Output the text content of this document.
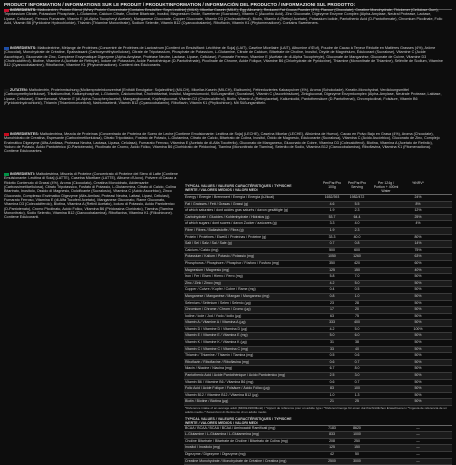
PRODUCT INFORMATION / INFORMATIONS SUR LE PRODUIT / PRODUKTINFORMATION / INFORMACIÓN DEL PRODUCTO / INFORMAZIONI SUL PRODOTTO:
INGREDIENTS: Maltodextrin, Protein Blend (Whey Protein Concentrate [Contains Emulsifier: Soya Lecithin] (MILK), Micellar Casein (MILK), Egg Albumin), Reduced Fat Cocoa Powder (4%), Flavour (Chocolate), Creatine Monohydrate, Thickener (Cellulose Gum), Tripotassium Citrate, Potassium Phosphate, L-Glutamine, Calcium Citrate, Choline Bitartrate, Inositol, Magnesium Oxide, Sweetener (Sucralose), Vitamin C (Ascorbic Acid), Zinc Gluconate, Digezyme Enzyme Complex (Alpha-Amylase, Neutral Protease, Lactase, Lipase, Cellulase), Ferrous Fumarate, Vitamin E (dl-Alpha Tocopheryl Acetate), Manganese Gluconate, Copper Gluconate, Vitamin D3 (Cholecalciferol), Biotin, Vitamin A (Retinyl Acetate), Potassium Iodide, Pantothenic Acid (D-Pantothenate), Chromium Picolinate, Folic Acid, Vitamin B6 (Pyridoxine Hydrochloride), Thiamin (Thiamine Mononitrate), Sodium Selenite, Vitamin B12 (Cyanocobalamin), Riboflavin, Vitamin K1 (Phytomenadione). Contains Sweeteners.
INGRÉDIENTS: Maltodextrine, Mélange de Protéines (Concentré de Protéines de Lactosérum [Contient un Émulsifiant: Lécithine de Soja] (LAIT), Caséine Micellaire (LAIT), Albumine d'Œuf), Poudre de Cacao à Teneur Réduite en Matières Grasses (4%), Arôme (Chocolat), Monohydrate de Créatine, Épaississant (Carboxyméthylcellulose), Citrate de Tripotassium, Phosphate de Potassium, L-Glutamine, Citrate de Calcium, Bitartrate de Choline, Inositol, Oxyde de Magnésium, Édulcorant (Sucralose), Vitamine C (Acide Ascorbique), Gluconate de Zinc, Complexe Enzymatique Digezyme (Alpha-Amylase, Protéase Neutre, Lactase, Lipase, Cellulase), Fumarate Ferreux, Vitamine E (Acétate de dl-Alpha Tocophéryle), Gluconate de Manganèse, Gluconate de Cuivre, Vitamine D3 (Cholécalciférol), Biotine, Vitamine A (Acétate de Rétinyle), Iodure de Potassium, Acide Pantothénique (D-Pantothénate), Picolinate de Chrome, Acide Folique, Vitamine B6 (Chlorhydrate de Pyridoxine), Thiamine (Mononitrate de Thiamine), Sélénite de Sodium, Vitamine B12 (Cyanocobalamine), Riboflavine, Vitamine K1 (Phytoménadione). Contient des Édulcorants.
ZUTATEN: Maltodextrin, Proteinmischung (Molkenproteinkonzentrat [Enthält Emulgator: Sojalecithin] (MILCH), Micellar-Kasein (MILCH), Eialbumin), Fettreduziertes Kakaopulver (4%), Aroma (Schokolade), Kreatin-Monohydrat, Verdickungsmittel (Carboxymethylcellulose), Trikaliumcitrat, Kaliumphosphat, L-Glutamin, Calciumcitrat, Cholinbitartrat, Inositol, Magnesiumoxid, Süßungsmittel (Sucralose), Vitamin C (Ascorbinsäure), Zinkgluconat, Digezyme Enzymkomplex (Alpha-Amylase, Neutrale Protease, Laktase, Lipase, Cellulase), Eisenfumarat, Vitamin E (dl-Alpha-Tocopherylacetat), Mangangluconat, Kupfergluconat, Vitamin D3 (Cholecalciferol), Biotin, Vitamin A (Retinylacetat), Kaliumiodid, Pantothensäure (D-Pantothenat), Chrompicolinat, Folsäure, Vitamin B6 (Pyridoxinhydrochlorid), Thiamin (Thiaminmononitrat), Natriumselenit, Vitamin B12 (Cyanocobalamin), Riboflavin, Vitamin K1 (Phyllochinon). Mit Süßungsmitteln.
INGREDIENTES: Maltodextrina, Mezcla de Proteínas (Concentrado de Proteína de Suero de Leche [Contiene Emulsionante: Lecitina de Soja] (LECHE), Caseína Micelar (LECHE), Albúmina de Huevo), Cacao en Polvo Bajo en Grasa (4%), Aroma (Chocolate), Monohidrato de Creatina, Espesante (Carboximetilcelulosa), Citrato Tripotásico, Fosfato de Potasio, L-Glutamina, Citrato de Calcio, Bitartrato de Colina, Inositol, Óxido de Magnesio, Edulcorante (Sucralosa), Vitamina C (Ácido Ascórbico), Gluconato de Zinc, Complejo Enzimático Digezyme (Alfa-Amilasa, Proteasa Neutra, Lactasa, Lipasa, Celulasa), Fumarato Ferroso, Vitamina E (Acetato de dl-Alfa Tocoferilo), Gluconato de Manganeso, Gluconato de Cobre, Vitamina D3 (Colecalciferol), Biotina, Vitamina A (Acetato de Retinilo), Yoduro de Potasio, Ácido Pantoténico (D-Pantotenato), Picolinato de Cromo, Ácido Fólico, Vitamina B6 (Clorhidrato de Piridoxina), Tiamina (Mononitrato de Tiamina), Selenito de Sodio, Vitamina B12 (Cianocobalamina), Riboflavina, Vitamina K1 (Fitomenadiona). Contiene Edulcorantes.
INGREDIENTI: Maltodestrina, Miscela di Proteine (Concentrato di Proteine del Siero di Latte [Contiene Emulsionante: Lecitina di Soia] (LATTE), Caseina Micellare (LATTE), Albume d'Uovo), Polvere di Cacao a Ridotto Contenuto di Grassi (4%), Aroma (Cioccolato), Creatina Monoidrato, Addensante (Carbossimetilcellulosa), Citrato Tripotassico, Fosfato di Potassio, L-Glutammina, Citrato di Calcio, Colina Bitartrato, Inositolo, Ossido di Magnesio, Dolcificante (Sucralosio), Vitamina C (Acido Ascorbico), Zinco Gluconato, Complesso Enzimatico Digezyme (Alfa-Amilasi, Proteasi Neutra, Lattasi, Lipasi, Cellulasi), Fumarato Ferroso, Vitamina E (dl-Alfa Tocoferil Acetato), Manganese Gluconato, Rame Gluconato, Vitamina D3 (Colecalciferolo), Biotina, Vitamina A (Retinil Acetato), Ioduro di Potassio, Acido Pantotenico (D-Pantotenato), Cromo Picolinato, Acido Folico, Vitamina B6 (Piridossina Cloridrato), Tiamina (Tiamina Mononitrato), Sodio Selenito, Vitamina B12 (Cianocobalamina), Riboflavina, Vitamina K1 (Fillochinone). Contiene Edulcoranti.
TYPICAL VALUES / VALEURS CARACTÉRISTIQUES / TYPISCHE WERTE / VALORES MEDIOS / VALORI MEDI
Per/Par/Pro 100g
Per/Par/Pro Serving
Per 124g / Portion + 400ml Water
%NRV*
Energy / Énergie / Brennwert / Energía / Energia (kJ/kcal)	1652/393	1982/472	24%
Fat / Graisses / Fett / Grasas / Grassi (g)	4.6	5.5	8%
of which saturates / dont acides gras saturés / davon gesättigte (g)	1.9	2.3	12%
Carbohydrate / Glucides / Kohlenhydrate / Hidratos (g)	53.7	64.4	25%
of which sugars / dont sucres / davon Zucker / azúcares (g)	3.3	4.0	4%
Fibre / Fibres / Ballaststoffe / Fibra (g)	1.9	2.3
Protein / Protéines / Eiweiß / Proteínas / Proteine (g)	33.3	40.0	80%
Salt / Sel / Salz / Sal / Sale (g)	0.7	0.8	14%
Calcium / Calcio (mg)	500	600	75%
Potassium / Kalium / Potasio / Potassio (mg)	1050	1260	63%
Phosphorus / Phosphore / Phosphor / Fósforo / Fosforo (mg)	350	420	60%
Magnesium / Magnesio (mg)	125	150	40%
Iron / Fer / Eisen / Hierro / Ferro (mg)	5.8	7.0	50%
Zinc / Zink / Zinco (mg)	4.2	5.0	50%
Copper / Cuivre / Kupfer / Cobre / Rame (mg)	0.4	0.5	50%
Manganese / Manganèse / Mangan / Manganeso (mg)	0.8	1.0	50%
Selenium / Sélénium / Selen / Selenio (µg)	23	28	50%
Chromium / Chrome / Chrom / Cromo (µg)	17	20	50%
Iodine / Iode / Jod / Yodo / Iodio (µg)	63	75	50%
Vitamin A / Vitamine A / Vitamina A (µg)	333	400	50%
Vitamin D / Vitamine D / Vitamina D (µg)	4.2	5.0	100%
Vitamin E / Vitamine E / Vitamina E (mg)	5.0	6.0	50%
Vitamin K / Vitamine K / Vitamina K (µg)	31	38	50%
Vitamin C / Vitamine C / Vitamina C (mg)	33	40	50%
Thiamin / Thiamine / Thiamin / Tiamina (mg)	0.5	0.6	50%
Riboflavin / Riboflavine / Riboflavina (mg)	0.6	0.7	50%
Niacin / Niacine / Niacina (mg)	6.7	8.0	50%
Pantothenic Acid / Acide Pantothénique / Acido Pantotenico (mg)	2.5	3.0	50%
Vitamin B6 / Vitamine B6 / Vitamina B6 (mg)	0.6	0.7	50%
Folic Acid / Acide Folique / Folsäure / Ácido Fólico (µg)	83	100	50%
Vitamin B12 / Vitamine B12 / Vitamina B12 (µg)	1.0	1.3	50%
Biotin / Biotine / Biotina (µg)	21	25	50%
*Reference intake of an average adult (8400kJ/2000kcal) / *Apport de référence pour un adulte type / *Referenzmenge für einen durchschnittlichen Erwachsenen / *Ingesta de referencia de un adulto medio / *Assunzioni di riferimento di un adulto medio
TYPICAL VALUES / VALEURS CARACTÉRISTIQUES / TYPISCHE WERTE / VALORES MEDIOS / VALORI MEDI
BCAA / BCAA / BCAA / BCAA / Aminoacidi Ramificati (mg)	7183	8620	—
L-Glutamine / L-Glutamina / L-Glutammina (mg)	833	1000	—
Choline Bitartrate / Bitartrate de Choline / Bitartrato de Colina (mg)	208	250	—
Inositol / Inositolo (mg)	125	150	—
Digezyme / Digezyme / Digezyme (mg)	42	50	—
Creatine Monohydrate / Monohydrate de Créatine / Creatina (mg)	2500	3000	—
